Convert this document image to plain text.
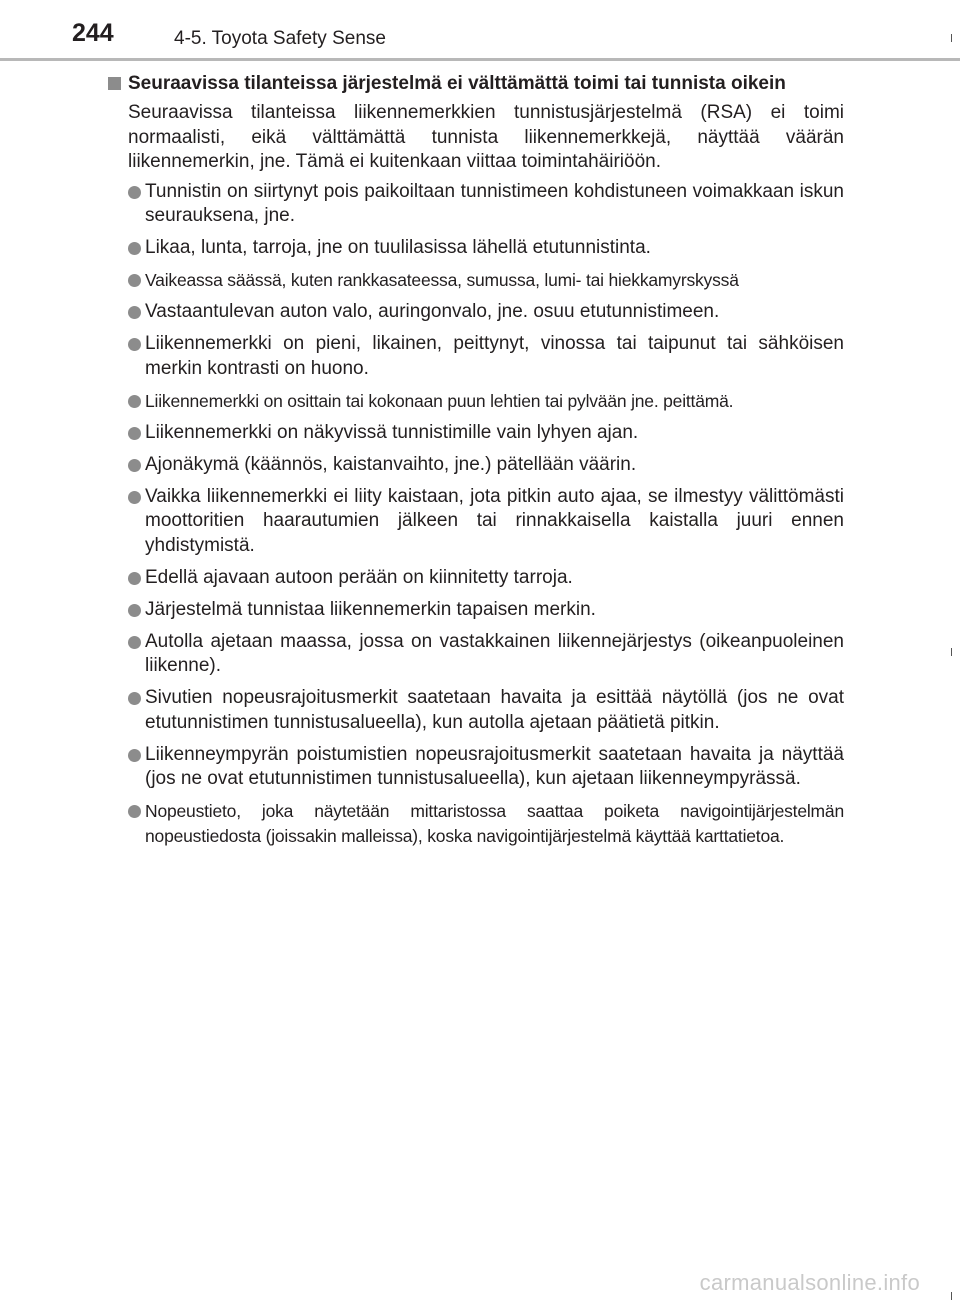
244	4-5. Toyota Safety Sense
Seuraavissa tilanteissa järjestelmä ei välttämättä toimi tai tunnista oikein

Seuraavissa tilanteissa liikennemerkkien tunnistusjärjestelmä (RSA) ei toimi normaalisti, eikä välttämättä tunnista liikennemerkkejä, näyttää väärän liikennemerkin, jne. Tämä ei kuitenkaan viittaa toimintahäiriöön.

Tunnistin on siirtynyt pois paikoiltaan tunnistimeen kohdistuneen voimakkaan iskun seurauksena, jne.
Likaa, lunta, tarroja, jne on tuulilasissa lähellä etutunnistinta.
Vaikeassa säässä, kuten rankkasateessa, sumussa, lumi- tai hiekkamyrskyssä
Vastaantulevan auton valo, auringonvalo, jne. osuu etutunnistimeen.
Liikennemerkki on pieni, likainen, peittynyt, vinossa tai taipunut tai sähköisen merkin kontrasti on huono.
Liikennemerkki on osittain tai kokonaan puun lehtien tai pylvään jne. peittämä.
Liikennemerkki on näkyvissä tunnistimille vain lyhyen ajan.
Ajonäkymä (käännös, kaistanvaihto, jne.) pätellään väärin.
Vaikka liikennemerkki ei liity kaistaan, jota pitkin auto ajaa, se ilmestyy välittömästi moottoritien haarautumien jälkeen tai rinnakkaisella kaistalla juuri ennen yhdistymistä.
Edellä ajavaan autoon perään on kiinnitetty tarroja.
Järjestelmä tunnistaa liikennemerkin tapaisen merkin.
Autolla ajetaan maassa, jossa on vastakkainen liikennejärjestys (oikeanpuoleinen liikenne).
Sivutien nopeusrajoitusmerkit saatetaan havaita ja esittää näytöllä (jos ne ovat etutunnistimen tunnistusalueella), kun autolla ajetaan päätietä pitkin.
Liikenneympyrän poistumistien nopeusrajoitusmerkit saatetaan havaita ja näyttää (jos ne ovat etutunnistimen tunnistusalueella), kun ajetaan liikenneympyrässä.
Nopeustieto, joka näytetään mittaristossa saattaa poiketa navigointijärjestelmän nopeustiedosta (joissakin malleissa), koska navigointijärjestelmä käyttää karttatietoa.
carmanualsonline.info
